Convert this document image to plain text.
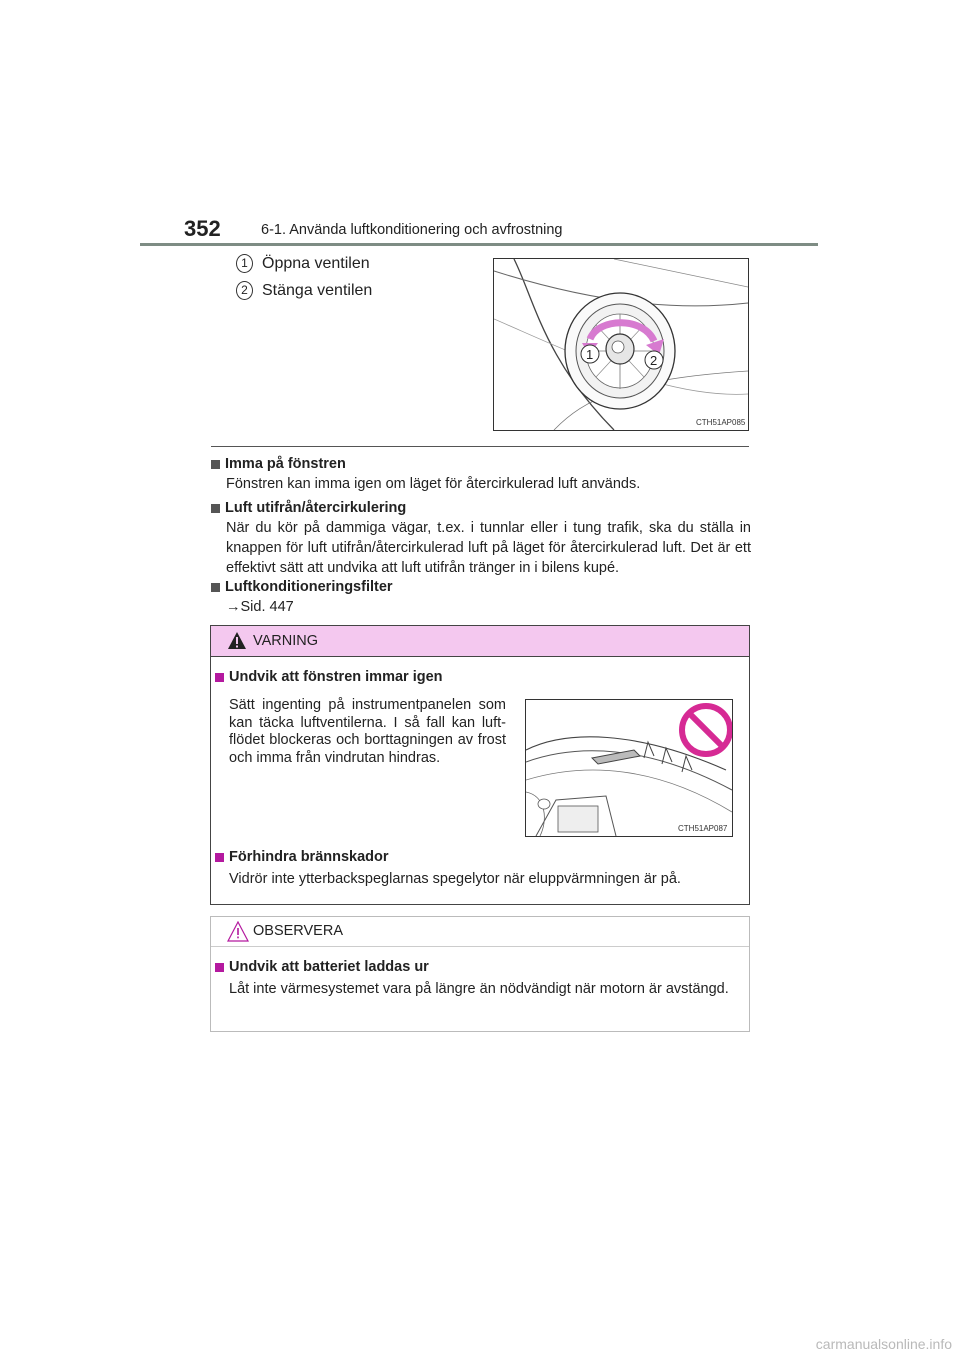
352	6-1. Använda luftkonditionering och avfrostning
1 Öppna ventilen
2 Stänga ventilen
1	2
CTH51AP085
Imma på fönstren
Fönstren kan imma igen om läget för återcirkulerad luft används.
Luft utifrån/återcirkulering
När du kör på dammiga vägar, t.ex. i tunnlar eller i tung trafik, ska du ställa in knappen för luft utifrån/återcirkulerad luft på läget för återcirkulerad luft. Det är ett effektivt sätt att undvika att luft utifrån tränger in i bilens kupé.
Luftkonditioneringsfilter
→Sid. 447
VARNING
Undvik att fönstren immar igen
Sätt ingenting på instrumentpanelen som kan täcka luftventilerna. I så fall kan luft-flödet blockeras och borttagningen av frost och imma från vindrutan hindras.
CTH51AP087
Förhindra brännskador
Vidrör inte ytterbackspeglarnas spegelytor när eluppvärmningen är på.
OBSERVERA
Undvik att batteriet laddas ur
Låt inte värmesystemet vara på längre än nödvändigt när motorn är avstängd.
carmanualsonline.info
